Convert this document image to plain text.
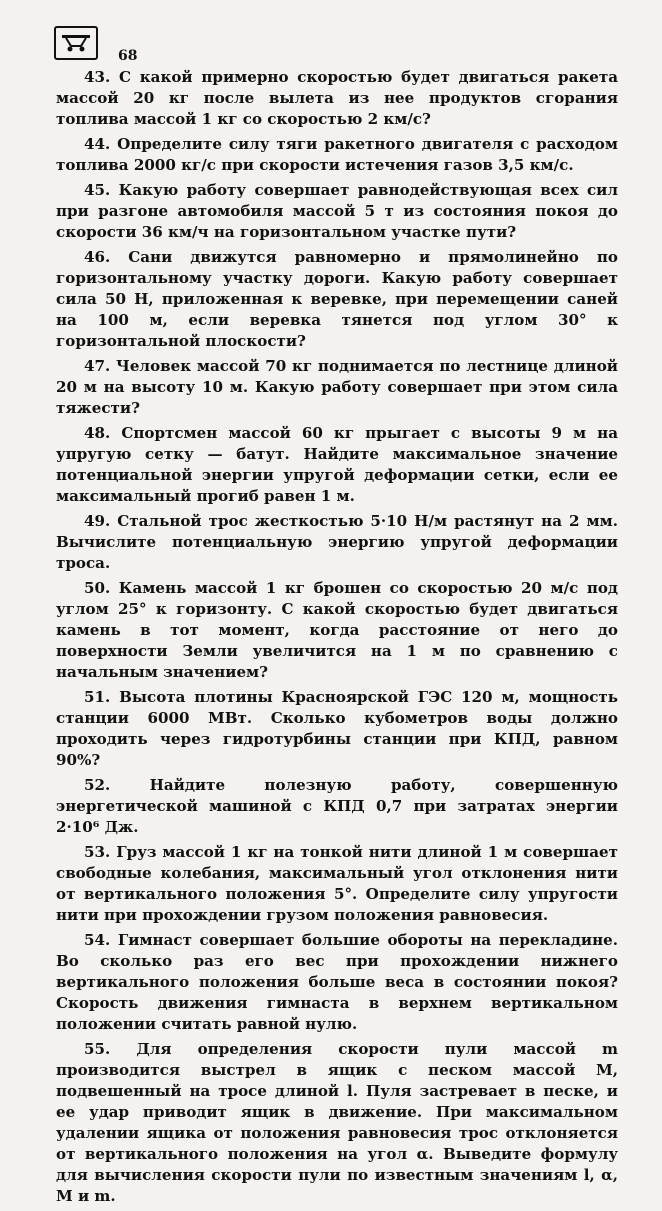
68

43. С какой примерно скоростью будет двигаться ракета массой 20 кг после вылета из нее продуктов сгорания топлива массой 1 кг со скоростью 2 км/с?

44. Определите силу тяги ракетного двигателя с расходом топлива 2000 кг/с при скорости истечения газов 3,5 км/с.

45. Какую работу совершает равнодействующая всех сил при разгоне автомобиля массой 5 т из состояния покоя до скорости 36 км/ч на горизонтальном участке пути?

46. Сани движутся равномерно и прямолинейно по горизонтальному участку дороги. Какую работу совершает сила 50 Н, приложенная к веревке, при перемещении саней на 100 м, если веревка тянется под углом 30° к горизонтальной плоскости?

47. Человек массой 70 кг поднимается по лестнице длиной 20 м на высоту 10 м. Какую работу совершает при этом сила тяжести?

48. Спортсмен массой 60 кг прыгает с высоты 9 м на упругую сетку — батут. Найдите максимальное значение потенциальной энергии упругой деформации сетки, если ее максимальный прогиб равен 1 м.

49. Стальной трос жесткостью 5·10 Н/м растянут на 2 мм. Вычислите потенциальную энергию упругой деформации троса.

50. Камень массой 1 кг брошен со скоростью 20 м/с под углом 25° к горизонту. С какой скоростью будет двигаться камень в тот момент, когда расстояние от него до поверхности Земли увеличится на 1 м по сравнению с начальным значением?

51. Высота плотины Красноярской ГЭС 120 м, мощность станции 6000 МВт. Сколько кубометров воды должно проходить через гидротурбины станции при КПД, равном 90%?

52.	Найдите полезную работу, совершенную энергетической машиной с КПД 0,7 при затратах энергии 2·10⁶ Дж.

53. Груз массой 1 кг на тонкой нити длиной 1 м совершает свободные колебания, максимальный угол отклонения нити от вертикального положения 5°. Определите силу упругости нити при прохождении грузом положения равновесия.

54. Гимнаст совершает большие обороты на перекладине. Во сколько раз его вес при прохождении нижнего вертикального положения больше веса в состоянии покоя? Скорость движения гимнаста в верхнем вертикальном положении считать равной нулю.

55. Для определения скорости пули массой m производится выстрел в ящик с песком массой M, подвешенный на тросе длиной l. Пуля застревает в песке, и ее удар приводит ящик в движение. При максимальном удалении ящика от положения равновесия трос отклоняется от вертикального положения на угол α. Выведите формулу для вычисления скорости пули по известным значениям l, α, M и m.
